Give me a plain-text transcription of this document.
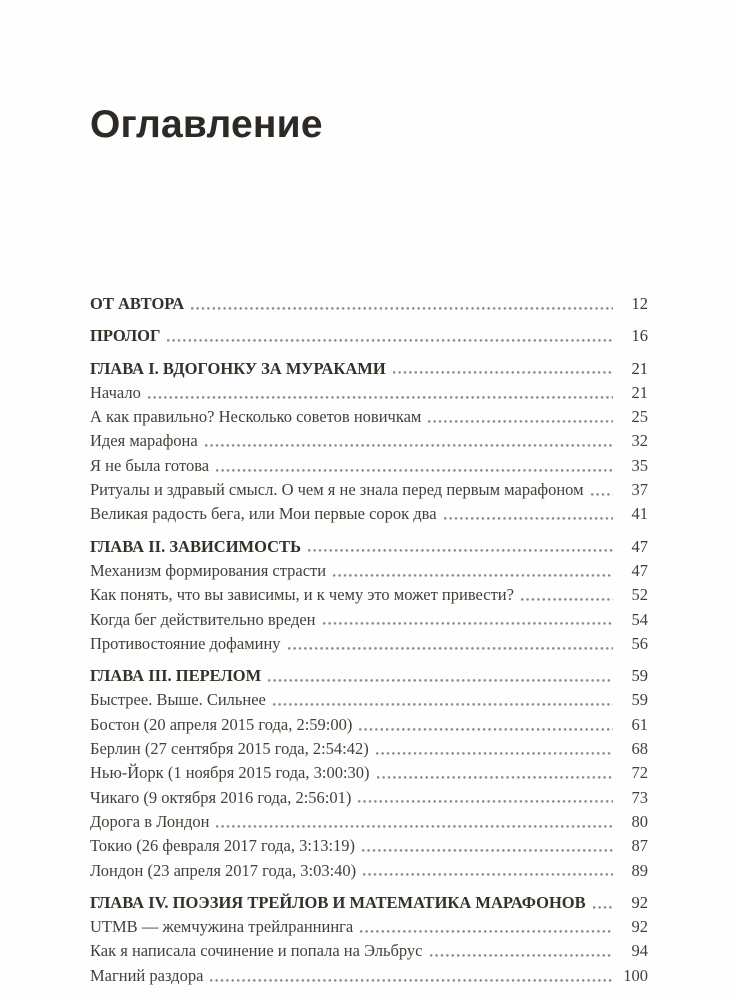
Оглавление
ОТ АВТОРА	12
ПРОЛОГ	16
ГЛАВА I. ВДОГОНКУ ЗА МУРАКАМИ	21
Начало	21
А как правильно? Несколько советов новичкам	25
Идея марафона	32
Я не была готова	35
Ритуалы и здравый смысл. О чем я не знала перед первым марафоном	37
Великая радость бега, или Мои первые сорок два	41
ГЛАВА II. ЗАВИСИМОСТЬ	47
Механизм формирования страсти	47
Как понять, что вы зависимы, и к чему это может привести?	52
Когда бег действительно вреден	54
Противостояние дофамину	56
ГЛАВА III. ПЕРЕЛОМ	59
Быстрее. Выше. Сильнее	59
Бостон (20 апреля 2015 года, 2:59:00)	61
Берлин (27 сентября 2015 года, 2:54:42)	68
Нью-Йорк (1 ноября 2015 года, 3:00:30)	72
Чикаго (9 октября 2016 года, 2:56:01)	73
Дорога в Лондон	80
Токио (26 февраля 2017 года, 3:13:19)	87
Лондон (23 апреля 2017 года, 3:03:40)	89
ГЛАВА IV. ПОЭЗИЯ ТРЕЙЛОВ И МАТЕМАТИКА МАРАФОНОВ	92
UTMB — жемчужина трейлраннинга	92
Как я написала сочинение и попала на Эльбрус	94
Магний раздора	100
